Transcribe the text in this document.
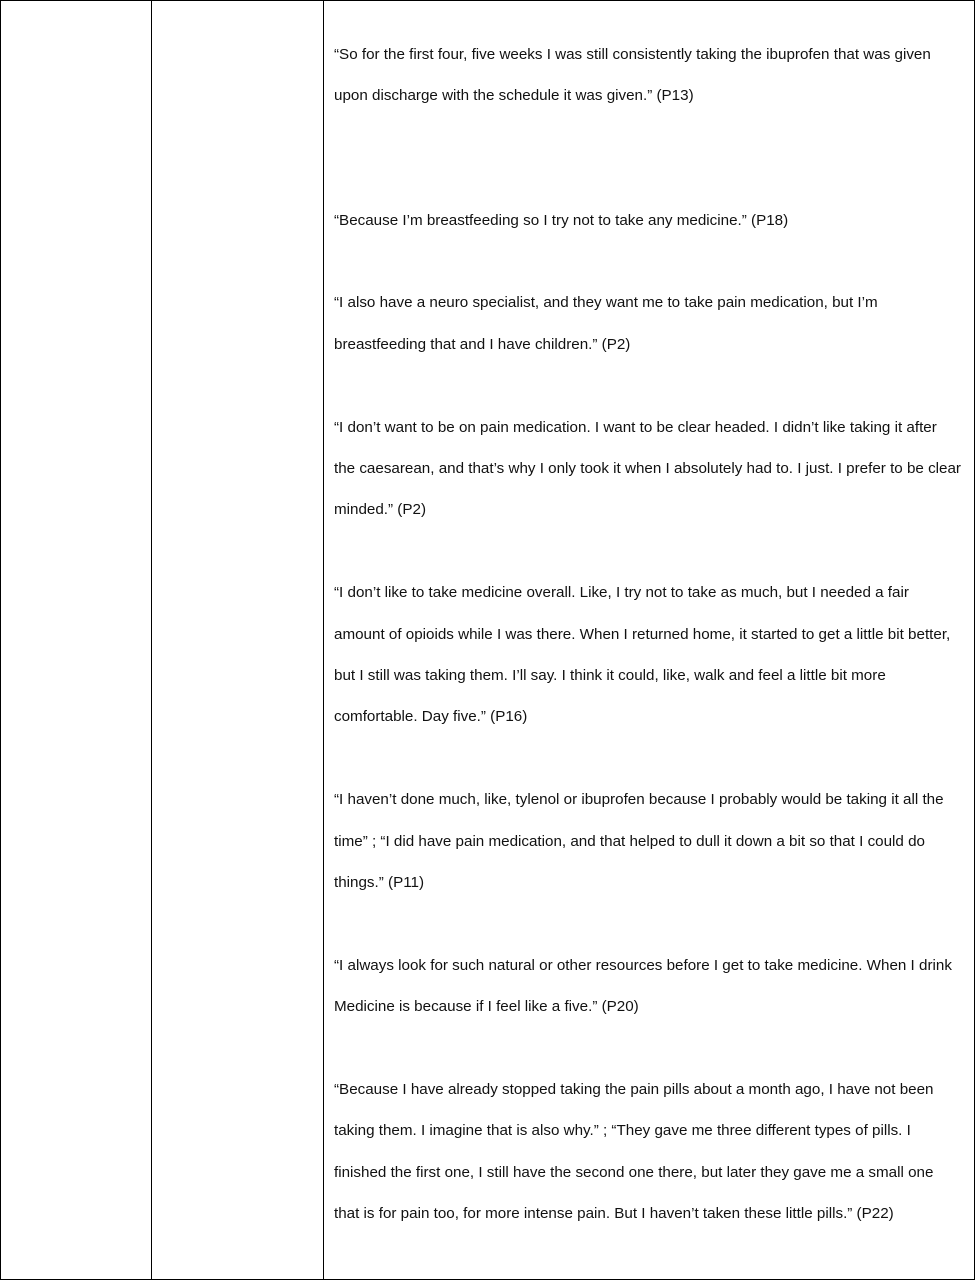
“So for the first four, five weeks I was still consistently taking the ibuprofen that was given upon discharge with the schedule it was given.” (P13)

“Because I’m breastfeeding so I try not to take any medicine.” (P18)

“I also have a neuro specialist, and they want me to take pain medication, but I’m breastfeeding that and I have children.” (P2)

“I don’t want to be on pain medication. I want to be clear headed. I didn’t like taking it after the caesarean, and that’s why I only took it when I absolutely had to. I just. I prefer to be clear minded.” (P2)

“I don’t like to take medicine overall. Like, I try not to take as much, but I needed a fair amount of opioids while I was there. When I returned home, it started to get a little bit better, but I still was taking them. I’ll say. I think it could, like, walk and feel a little bit more comfortable. Day five.” (P16)

“I haven’t done much, like, tylenol or ibuprofen because I probably would be taking it all the time” ; “I did have pain medication, and that helped to dull it down a bit so that I could do things.” (P11)

“I always look for such natural or other resources before I get to take medicine. When I drink Medicine is because if I feel like a five.” (P20)

“Because I have already stopped taking the pain pills about a month ago, I have not been taking them. I imagine that is also why.” ; “They gave me three different types of pills. I finished the first one, I still have the second one there, but later they gave me a small one that is for pain too, for more intense pain. But I haven’t taken these little pills.” (P22)
